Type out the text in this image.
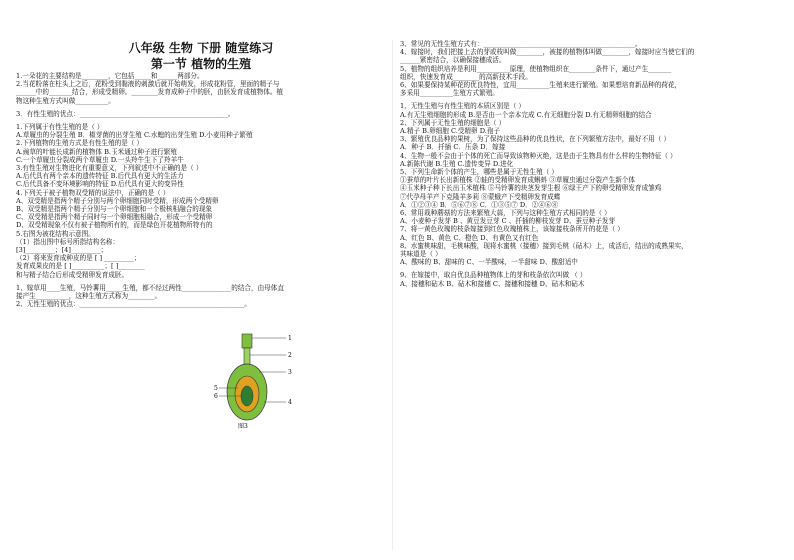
八年级 生物 下册 随堂练习
第一节 植物的生殖
1.一朵花的主要结构是________，它包括_____和______两部分。
2.当花粉落在柱头上之后，花粉受到黏液的刺激后就开始萌发，形成花粉管，里面的精子与
______中的_______结合，形成受精卵。________发育成种子中的胚，由胚发育成植物体。植
物这种生殖方式叫做__________。
3．有性生殖的优点：_____________________________________________。
1.下列属于有性生殖的是（ ）
A.草履虫的分裂生殖 B．椒芽菌的出芽生殖 C.水螅的出芽生殖 D.小麦用种子繁殖
2.下列植物的生殖方式是有性生殖的是（ ）
A.豌草的叶能长成新的植物体 B.玉米通过种子进行繁殖
C.一个草履虫分裂成两个草履虫 D.一头羚牛生下了羚羊牛
3.有性生殖对生物进化有重要意义，下列叙述中不正确的是（ ）
A.后代具有两个亲本的遗传特征 B.后代具有更大的生活力
C.后代具备不变环境影响的特征 D.后代具有更大的变异性
4.下列关于被子植物双受精的说法中，正确的是（ ）
A、双受精是指两个精子分别与两个卵细胞同时受精，形成两个受精卵
B、双受精是指两个精子分别与一个卵细胞和一个极核相融合的现象
C、双受精是指两个精子同时与一个卵细胞相融合，形成一个受精卵
D、双受精现象不仅有被子植物所有的，而是绿色开花植物所特有的
5.右图为被花结构示意图。
（1）指出图中标号所指结构名称：
[3]_________；[4]_________；
（2）将来发育成种皮的是 [ ] _________；
发育成果皮的是 [ ]__________；[ ]________
和与精子结合后形成受精卵发育成胚。
1、嫁草用____生殖，马铃薯用_____生殖，都不经过两性_______________的结合，由母体直
接产生__________，这种生殖方式称为________。
2、无性生殖的优点：__________________________________________________。
3、常见的无性生殖方式有：______________________________________________。
4、嫁接时，我们把接上去的芽或枝叫做________，被接的植物体叫做________，嫁接时应当使它们的
______紧密结合，以确保接穗成活。
5、植物的组织培养是利用__________原理，使植物组织在________条件下，通过产生_______
组织，快速发育成________的高新技术手段。
6、如果要保持某种花的优良特性，宜用__________生殖来进行繁殖。如果想培育新品种的荷花，
多采用__________生殖方式繁殖。
1、无性生殖与有性生殖的本质区别是（ ）
A.有无生殖细胞的形成 B.是否由一个亲本完成 C.有无细胞分裂 D.有无精卵细胞的结合
2、下列属于无性生殖的细胞是（ ）
A.精子 B.卵细胞 C.受精卵 D.孢子
3、繁殖优良品种的果树，为了保持这些品种的优良性状，在下列繁殖方法中，最好不用（ ）
A．种子 B．扦插 C．压条 D．嫁接
4、生物一般不会由于个体的死亡而导致该物种灭绝，这是由于生物具有什么样的生物特征（ ）
A.新陈代谢 B.生殖 C.遗传变异 D.进化
5、下列生命新个体的产生，哪些是属于无性生殖（ ）
①蚕草的叶片长出新植株 ②蛙的受精卵发育成蝌蚪 ③草履虫通过分裂产生新个体
④玉米种子种下长出玉米植株 ⑤马铃薯的块茎发芽生根 ⑥绿王产下的卵受精卵发育成雏鸡
⑦代孕母羊产下克隆羊多莉 ⑧蒙蛾产下受精卵发育成蝶
A．①②③④ B．⑤⑥⑦⑧ C．①③⑤⑦ D．②④⑥⑧
6、常用栽种蘑菇的方法来繁殖大蒜，下列与这种生殖方式相同的是（ ）
A、小麦种子发芽 B 、黄豆发豆芽 C 、扦插的柳枝发芽 D、蚕豆种子发芽
7、将一黄色玫瑰的枝条嫁接到红色玫瑰植株上，该嫁接枝条所开的花是（ ）
A、红色 B、黄色 C、橙色 D、有黄色又有红色
8、水蜜桃味甜，毛桃味酸，现将水蜜桃（接穗）接到毛桃（砧木）上，成活后，结出的成熟果实，
其味道是（ ）
A、酸味的 B、甜味的 C、一半酸味，一半甜味 D、酸甜适中
9、在嫁接中，取自优良品种植物体上的芽和枝条依次叫做 （ ）
A、接穗和砧木 B、砧木和接穗 C、接穗和接穗 D、砧木和砧木
1
2
3
4
5
6
图3
